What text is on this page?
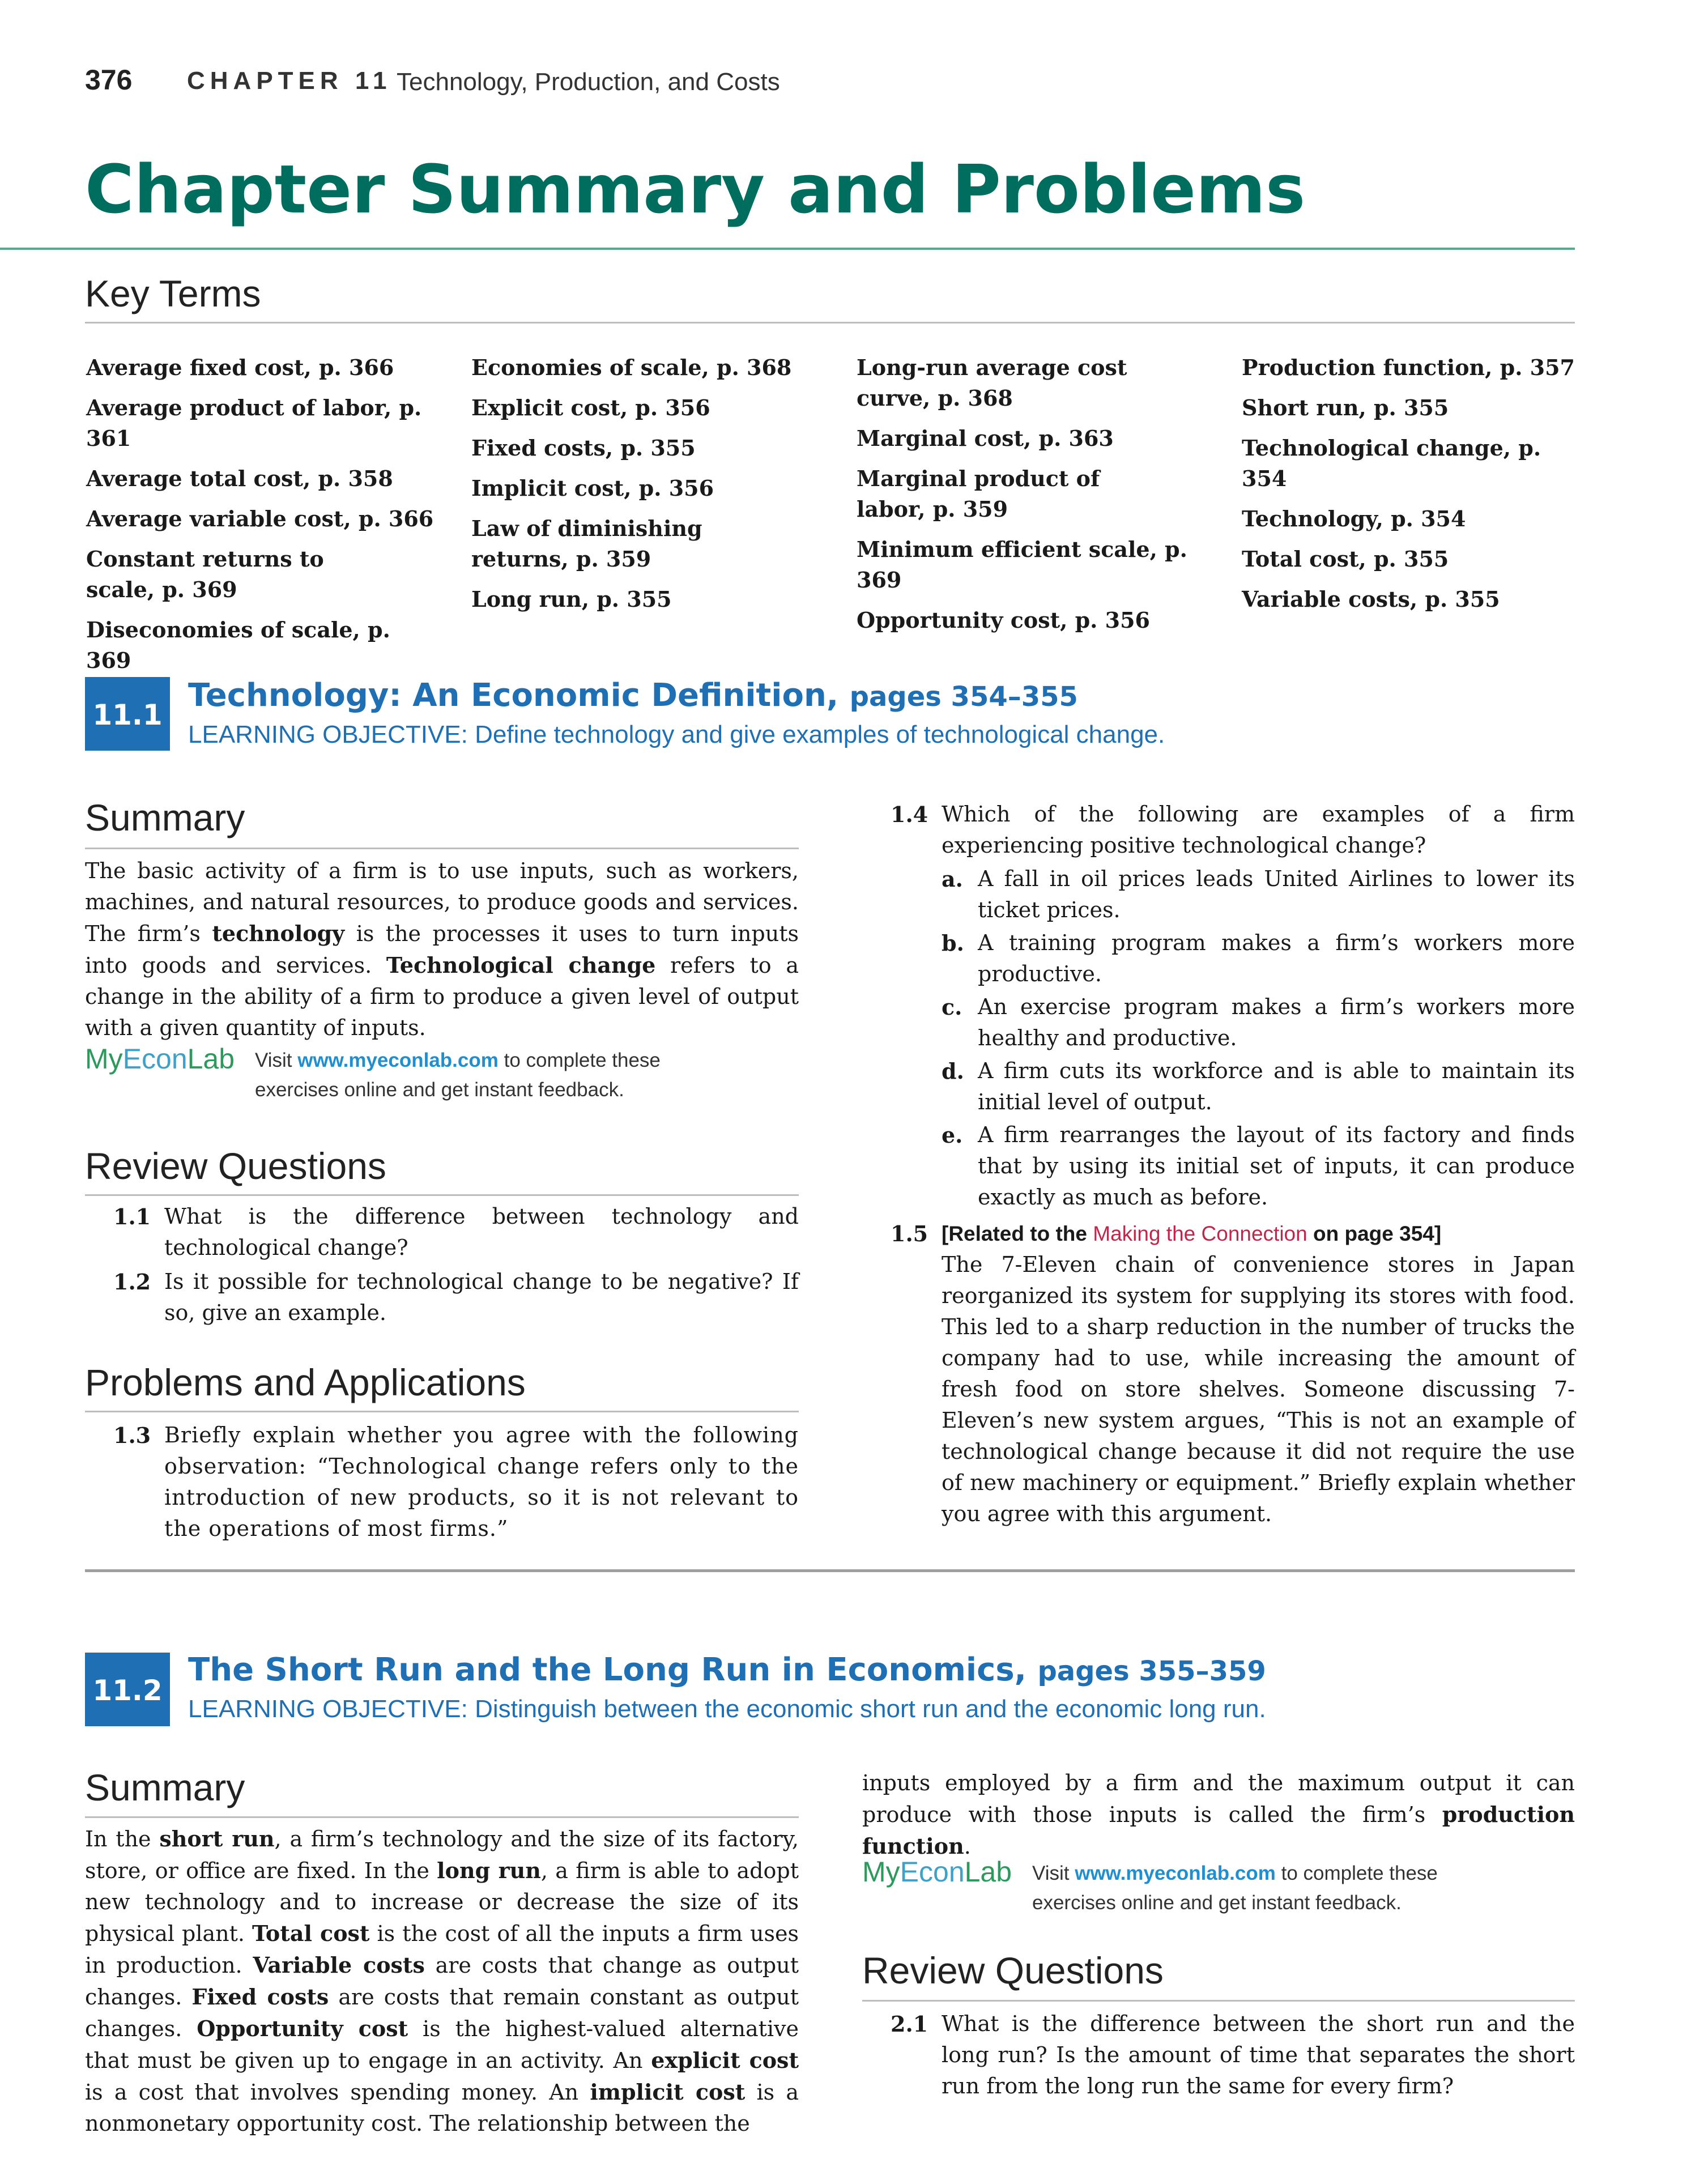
376 CHAPTER 11 Technology, Production, and Costs
Chapter Summary and Problems
Key Terms
Average fixed cost, p. 366
Average product of labor, p. 361
Average total cost, p. 358
Average variable cost, p. 366
Constant returns to scale, p. 369
Diseconomies of scale, p. 369
Economies of scale, p. 368
Explicit cost, p. 356
Fixed costs, p. 355
Implicit cost, p. 356
Law of diminishing returns, p. 359
Long run, p. 355
Long-run average cost curve, p. 368
Marginal cost, p. 363
Marginal product of labor, p. 359
Minimum efficient scale, p. 369
Opportunity cost, p. 356
Production function, p. 357
Short run, p. 355
Technological change, p. 354
Technology, p. 354
Total cost, p. 355
Variable costs, p. 355
11.1
Technology: An Economic Definition, pages 354–355
LEARNING OBJECTIVE: Define technology and give examples of technological change.
Summary
The basic activity of a firm is to use inputs, such as workers, machines, and natural resources, to produce goods and services. The firm’s technology is the processes it uses to turn inputs into goods and services. Technological change refers to a change in the ability of a firm to produce a given level of output with a given quantity of inputs.
MyEconLab Visit www.myeconlab.com to complete these
exercises online and get instant feedback.
Review Questions
1.1 What is the difference between technology and technological change?
1.2 Is it possible for technological change to be negative? If so, give an example.
Problems and Applications
1.3 Briefly explain whether you agree with the following observation: “Technological change refers only to the introduction of new products, so it is not relevant to the operations of most firms.”
1.4 Which of the following are examples of a firm experiencing positive technological change?
a. A fall in oil prices leads United Airlines to lower its ticket prices.
b. A training program makes a firm’s workers more productive.
c. An exercise program makes a firm’s workers more healthy and productive.
d. A firm cuts its workforce and is able to maintain its initial level of output.
e. A firm rearranges the layout of its factory and finds that by using its initial set of inputs, it can produce exactly as much as before.
1.5 [Related to the Making the Connection on page 354]
The 7-Eleven chain of convenience stores in Japan reorganized its system for supplying its stores with food. This led to a sharp reduction in the number of trucks the company had to use, while increasing the amount of fresh food on store shelves. Someone discussing 7-Eleven’s new system argues, “This is not an example of technological change because it did not require the use of new machinery or equipment.” Briefly explain whether you agree with this argument.
11.2
The Short Run and the Long Run in Economics, pages 355–359
LEARNING OBJECTIVE: Distinguish between the economic short run and the economic long run.
Summary
In the short run, a firm’s technology and the size of its factory, store, or office are fixed. In the long run, a firm is able to adopt new technology and to increase or decrease the size of its physical plant. Total cost is the cost of all the inputs a firm uses in production. Variable costs are costs that change as output changes. Fixed costs are costs that remain constant as output changes. Opportunity cost is the highest-valued alternative that must be given up to engage in an activity. An explicit cost is a cost that involves spending money. An implicit cost is a nonmonetary opportunity cost. The relationship between the
inputs employed by a firm and the maximum output it can produce with those inputs is called the firm’s production function.
MyEconLab Visit www.myeconlab.com to complete these
exercises online and get instant feedback.
Review Questions
2.1 What is the difference between the short run and the long run? Is the amount of time that separates the short run from the long run the same for every firm?
